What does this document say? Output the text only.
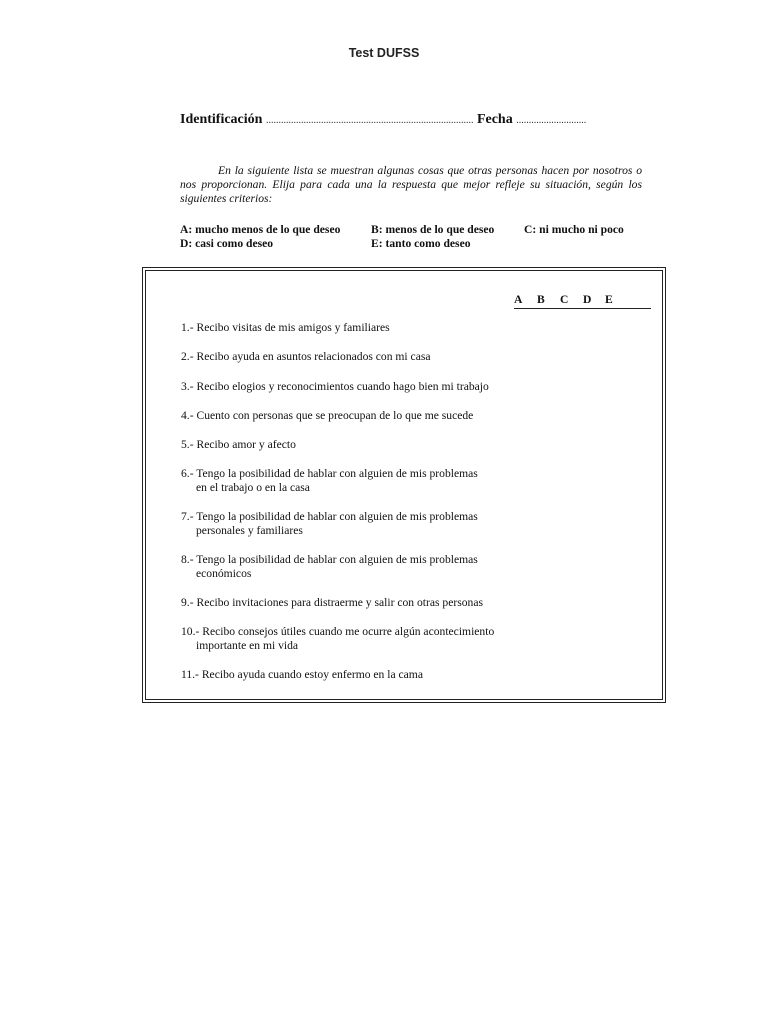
Test DUFSS
Identificación ................................................................................... Fecha ............................

En la siguiente lista se muestran algunas cosas que otras personas hacen por nosotros o nos proporcionan. Elija para cada una la respuesta que mejor refleje su situación, según los siguientes criterios:

A: mucho menos de lo que deseo	B: menos de lo que deseo	C: ni mucho ni poco
D: casi como deseo	E: tanto como deseo
A B C D E
1.- Recibo visitas de mis amigos y familiares
2.- Recibo ayuda en asuntos relacionados con mi casa
3.- Recibo elogios y reconocimientos cuando hago bien mi trabajo
4.- Cuento con personas que se preocupan de lo que me sucede
5.- Recibo amor y afecto
6.- Tengo la posibilidad de hablar con alguien de mis problemas
en el trabajo o en la casa
7.- Tengo la posibilidad de hablar con alguien de mis problemas
personales y familiares
8.- Tengo la posibilidad de hablar con alguien de mis problemas
económicos
9.- Recibo invitaciones para distraerme y salir con otras personas
10.- Recibo consejos útiles cuando me ocurre algún acontecimiento
importante en mi vida
11.- Recibo ayuda cuando estoy enfermo en la cama
